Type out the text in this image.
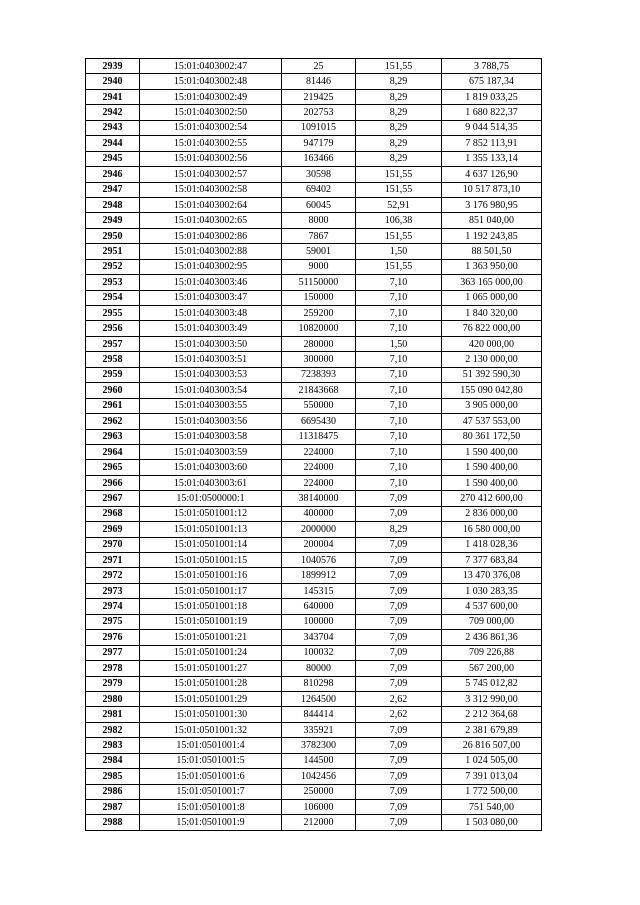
2939	15:01:0403002:47	25	151,55	3 788,75
2940	15:01:0403002:48	81446	8,29	675 187,34
2941	15:01:0403002:49	219425	8,29	1 819 033,25
2942	15:01:0403002:50	202753	8,29	1 680 822,37
2943	15:01:0403002:54	1091015	8,29	9 044 514,35
2944	15:01:0403002:55	947179	8,29	7 852 113,91
2945	15:01:0403002:56	163466	8,29	1 355 133,14
2946	15:01:0403002:57	30598	151,55	4 637 126,90
2947	15:01:0403002:58	69402	151,55	10 517 873,10
2948	15:01:0403002:64	60045	52,91	3 176 980,95
2949	15:01:0403002:65	8000	106,38	851 040,00
2950	15:01:0403002:86	7867	151,55	1 192 243,85
2951	15:01:0403002:88	59001	1,50	88 501,50
2952	15:01:0403002:95	9000	151,55	1 363 950,00
2953	15:01:0403003:46	51150000	7,10	363 165 000,00
2954	15:01:0403003:47	150000	7,10	1 065 000,00
2955	15:01:0403003:48	259200	7,10	1 840 320,00
2956	15:01:0403003:49	10820000	7,10	76 822 000,00
2957	15:01:0403003:50	280000	1,50	420 000,00
2958	15:01:0403003:51	300000	7,10	2 130 000,00
2959	15:01:0403003:53	7238393	7,10	51 392 590,30
2960	15:01:0403003:54	21843668	7,10	155 090 042,80
2961	15:01:0403003:55	550000	7,10	3 905 000,00
2962	15:01:0403003:56	6695430	7,10	47 537 553,00
2963	15:01:0403003:58	11318475	7,10	80 361 172,50
2964	15:01:0403003:59	224000	7,10	1 590 400,00
2965	15:01:0403003:60	224000	7,10	1 590 400,00
2966	15:01:0403003:61	224000	7,10	1 590 400,00
2967	15:01:0500000:1	38140000	7,09	270 412 600,00
2968	15:01:0501001:12	400000	7,09	2 836 000,00
2969	15:01:0501001:13	2000000	8,29	16 580 000,00
2970	15:01:0501001:14	200004	7,09	1 418 028,36
2971	15:01:0501001:15	1040576	7,09	7 377 683,84
2972	15:01:0501001:16	1899912	7,09	13 470 376,08
2973	15:01:0501001:17	145315	7,09	1 030 283,35
2974	15:01:0501001:18	640000	7,09	4 537 600,00
2975	15:01:0501001:19	100000	7,09	709 000,00
2976	15:01:0501001:21	343704	7,09	2 436 861,36
2977	15:01:0501001:24	100032	7,09	709 226,88
2978	15:01:0501001:27	80000	7,09	567 200,00
2979	15:01:0501001:28	810298	7,09	5 745 012,82
2980	15:01:0501001:29	1264500	2,62	3 312 990,00
2981	15:01:0501001:30	844414	2,62	2 212 364,68
2982	15:01:0501001:32	335921	7,09	2 381 679,89
2983	15:01:0501001:4	3782300	7,09	26 816 507,00
2984	15:01:0501001:5	144500	7,09	1 024 505,00
2985	15:01:0501001:6	1042456	7,09	7 391 013,04
2986	15:01:0501001:7	250000	7,09	1 772 500,00
2987	15:01:0501001:8	106000	7,09	751 540,00
2988	15:01:0501001:9	212000	7,09	1 503 080,00
